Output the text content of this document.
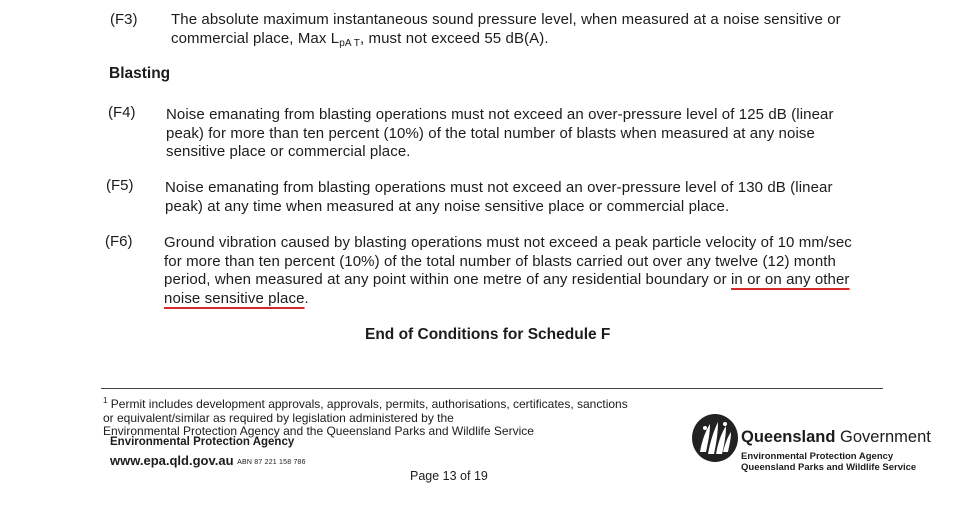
(F3) The absolute maximum instantaneous sound pressure level, when measured at a noise sensitive or
commercial place, Max $L_{pA T}$, must not exceed 55 dB(A).
Blasting
(F4) Noise emanating from blasting operations must not exceed an over-pressure level of 125 dB (linear
peak) for more than ten percent (10%) of the total number of blasts when measured at any noise
sensitive place or commercial place.
(F5) Noise emanating from blasting operations must not exceed an over-pressure level of 130 dB (linear
peak) at any time when measured at any noise sensitive place or commercial place.
(F6) Ground vibration caused by blasting operations must not exceed a peak particle velocity of 10 mm/sec
for more than ten percent (10%) of the total number of blasts carried out over any twelve (12) month
period, when measured at any point within one metre of any residential boundary or in or on any other
noise sensitive place.
End of Conditions for Schedule F
$^1$ Permit includes development approvals, approvals, permits, authorisations, certificates, sanctions
or equivalent/similar as required by legislation administered by the
Environmental Protection Agency and the Queensland Parks and Wildlife Service
Environmental Protection Agency
www.epa.qld.gov.au ABN 87 221 158 786
Page 13 of 19
Queensland Government
Environmental Protection Agency
Queensland Parks and Wildlife Service
